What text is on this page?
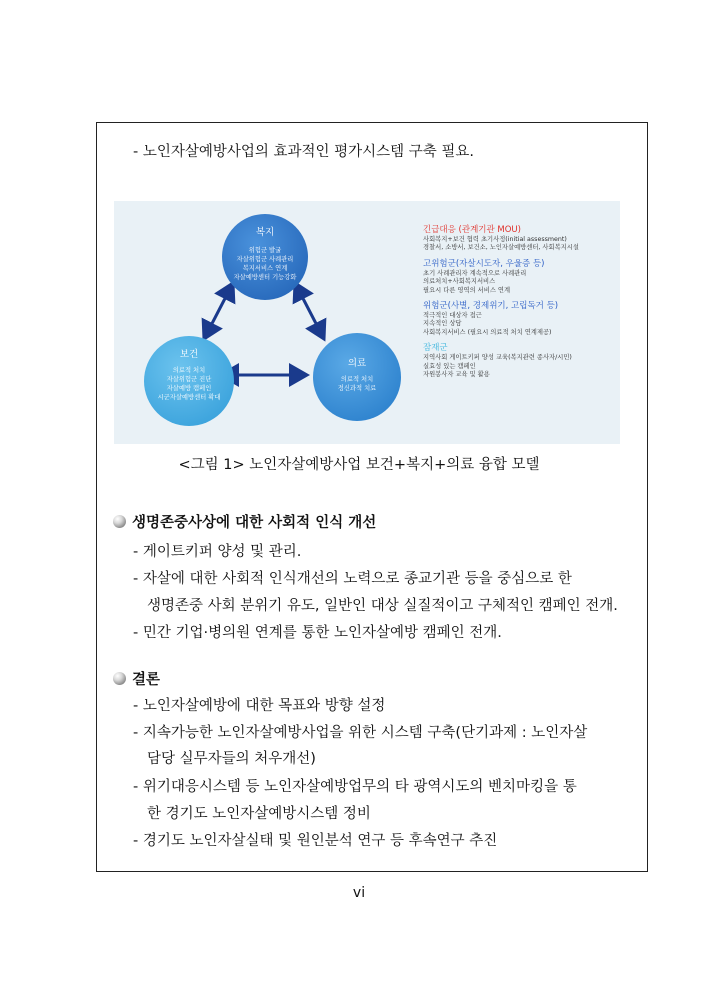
- 노인자살예방사업의 효과적인 평가시스템 구축 필요.
복지
위험군 발굴
자살위험군 사례관리
복지서비스 연계
자살예방센터 기능강화
보건
의료적 처치
자살위험군 진단
자살예방 캠페인
시군자살예방센터 확대
의료
의료적 처치
정신과적 치료
긴급대응 (관계기관 MOU)
사회복지+보건 협력 초기사정(initial assessment)
경찰서, 소방서, 보건소, 노인자살예방센터, 사회복지시설
고위험군(자살시도자, 우울증 등)
초기 사례관리자 계속적으로 사례관리
의료처치+사회복지서비스
필요시 다른 영역의 서비스 연계
위험군(사별, 경제위기, 고립독거 등)
적극적인 대상자 접근
지속적인 상담
사회복지서비스 (필요시 의료적 처치 연계제공)
잠재군
지역사회 게이트키퍼 양성 교육(복지관련 종사자/시민)
실효성 있는 캠페인
자원봉사자 교육 및 활용
<그림 1> 노인자살예방사업 보건+복지+의료 융합 모델
생명존중사상에 대한 사회적 인식 개선
- 게이트키퍼 양성 및 관리.
- 자살에 대한 사회적 인식개선의 노력으로 종교기관 등을 중심으로 한
생명존중 사회 분위기 유도, 일반인 대상 실질적이고 구체적인 캠페인 전개.
- 민간 기업·병의원 연계를 통한 노인자살예방 캠페인 전개.
결론
- 노인자살예방에 대한 목표와 방향 설정
- 지속가능한 노인자살예방사업을 위한 시스템 구축(단기과제 : 노인자살
담당 실무자들의 처우개선)
- 위기대응시스템 등 노인자살예방업무의 타 광역시도의 벤치마킹을 통
한 경기도 노인자살예방시스템 정비
- 경기도 노인자살실태 및 원인분석 연구 등 후속연구 추진
vi
